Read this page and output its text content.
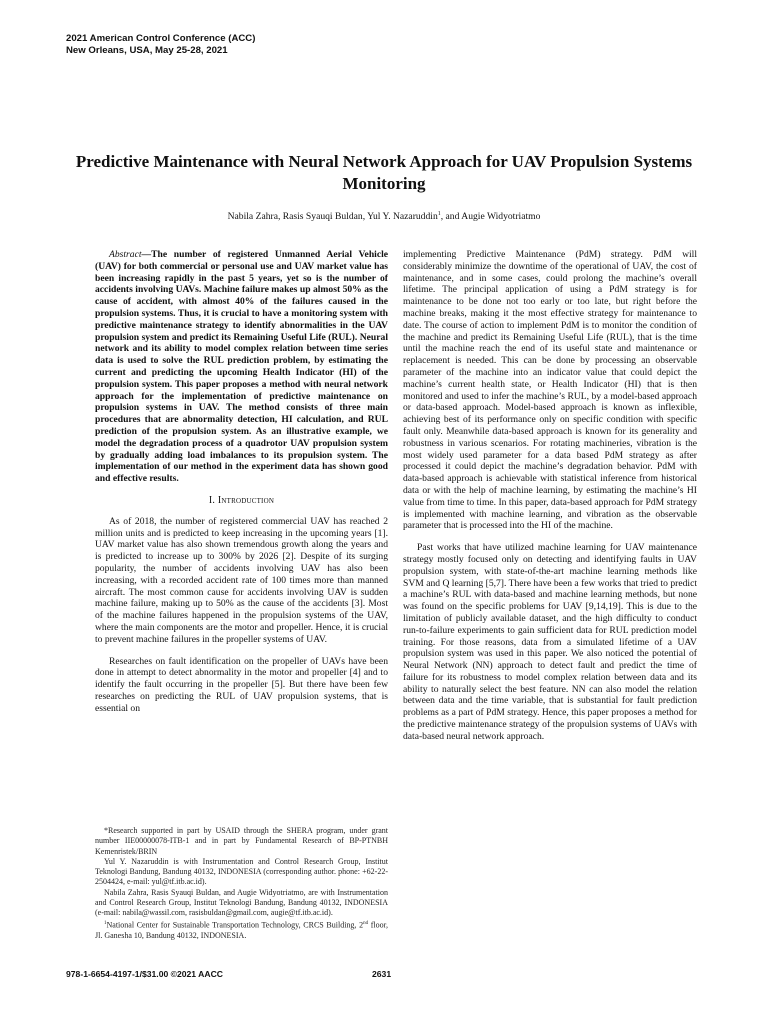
2021 American Control Conference (ACC)
New Orleans, USA, May 25-28, 2021
Predictive Maintenance with Neural Network Approach for UAV Propulsion Systems Monitoring
Nabila Zahra, Rasis Syauqi Buldan, Yul Y. Nazaruddin$^1$, and Augie Widyotriatmo

Abstract—The number of registered Unmanned Aerial Vehicle (UAV) for both commercial or personal use and UAV market value has been increasing rapidly in the past 5 years, yet so is the number of accidents involving UAVs. Machine failure makes up almost 50% as the cause of accident, with almost 40% of the failures caused in the propulsion systems. Thus, it is crucial to have a monitoring system with predictive maintenance strategy to identify abnormalities in the UAV propulsion system and predict its Remaining Useful Life (RUL). Neural network and its ability to model complex relation between time series data is used to solve the RUL prediction problem, by estimating the current and predicting the upcoming Health Indicator (HI) of the propulsion system. This paper proposes a method with neural network approach for the implementation of predictive maintenance on propulsion systems in UAV. The method consists of three main procedures that are abnormality detection, HI calculation, and RUL prediction of the propulsion system. As an illustrative example, we model the degradation process of a quadrotor UAV propulsion system by gradually adding load imbalances to its propulsion system. The implementation of our method in the experiment data has shown good and effective results.

I. Introduction

As of 2018, the number of registered commercial UAV has reached 2 million units and is predicted to keep increasing in the upcoming years [1]. UAV market value has also shown tremendous growth along the years and is predicted to increase up to 300% by 2026 [2]. Despite of its surging popularity, the number of accidents involving UAV has also been increasing, with a recorded accident rate of 100 times more than manned aircraft. The most common cause for accidents involving UAV is sudden machine failure, making up to 50% as the cause of the accidents [3]. Most of the machine failures happened in the propulsion systems of the UAV, where the main components are the motor and propeller. Hence, it is crucial to prevent machine failures in the propeller systems of UAV.

Researches on fault identification on the propeller of UAVs have been done in attempt to detect abnormality in the motor and propeller [4] and to identify the fault occurring in the propeller [5]. But there have been few researches on predicting the RUL of UAV propulsion systems, that is essential on

*Research supported in part by USAID through the SHERA program, under grant number IIE00000078-ITB-1 and in part by Fundamental Research of BP-PTNBH Kemenristek/BRIN

Yul Y. Nazaruddin is with Instrumentation and Control Research Group, Institut Teknologi Bandung, Bandung 40132, INDONESIA (corresponding author. phone: +62-22-2504424, e-mail: yul@tf.itb.ac.id).

Nabila Zahra, Rasis Syauqi Buldan, and Augie Widyotriatmo, are with Instrumentation and Control Research Group, Institut Teknologi Bandung, Bandung 40132, INDONESIA (e-mail: nabila@wassil.com, rasisbuldan@gmail.com, augie@tf.itb.ac.id).

$^1$National Center for Sustainable Transportation Technology, CRCS Building, 2nd floor, Jl. Ganesha 10, Bandung 40132, INDONESIA.

implementing Predictive Maintenance (PdM) strategy. PdM will considerably minimize the downtime of the operational of UAV, the cost of maintenance, and in some cases, could prolong the machine’s overall lifetime. The principal application of using a PdM strategy is for maintenance to be done not too early or too late, but right before the machine breaks, making it the most effective strategy for maintenance to date. The course of action to implement PdM is to monitor the condition of the machine and predict its Remaining Useful Life (RUL), that is the time until the machine reach the end of its useful state and maintenance or replacement is needed. This can be done by processing an observable parameter of the machine into an indicator value that could depict the machine’s current health state, or Health Indicator (HI) that is then monitored and used to infer the machine’s RUL, by a model-based approach or data-based approach. Model-based approach is known as inflexible, achieving best of its performance only on specific condition with specific fault only. Meanwhile data-based approach is known for its generality and robustness in various scenarios. For rotating machineries, vibration is the most widely used parameter for a data based PdM strategy as after processed it could depict the machine’s degradation behavior. PdM with data-based approach is achievable with statistical inference from historical data or with the help of machine learning, by estimating the machine’s HI value from time to time. In this paper, data-based approach for PdM strategy is implemented with machine learning, and vibration as the observable parameter that is processed into the HI of the machine.

Past works that have utilized machine learning for UAV maintenance strategy mostly focused only on detecting and identifying faults in UAV propulsion system, with state-of-the-art machine learning methods like SVM and Q learning [5,7]. There have been a few works that tried to predict a machine’s RUL with data-based and machine learning methods, but none was found on the specific problems for UAV [9,14,19]. This is due to the limitation of publicly available dataset, and the high difficulty to conduct run-to-failure experiments to gain sufficient data for RUL prediction model training. For those reasons, data from a simulated lifetime of a UAV propulsion system was used in this paper. We also noticed the potential of Neural Network (NN) approach to detect fault and predict the time of failure for its robustness to model complex relation between data and its ability to naturally select the best feature. NN can also model the relation between data and the time variable, that is substantial for fault prediction problems as a part of PdM strategy. Hence, this paper proposes a method for the predictive maintenance strategy of the propulsion systems of UAVs with data-based neural network approach.

978-1-6654-4197-1/$31.00 ©2021 AACC	2631
